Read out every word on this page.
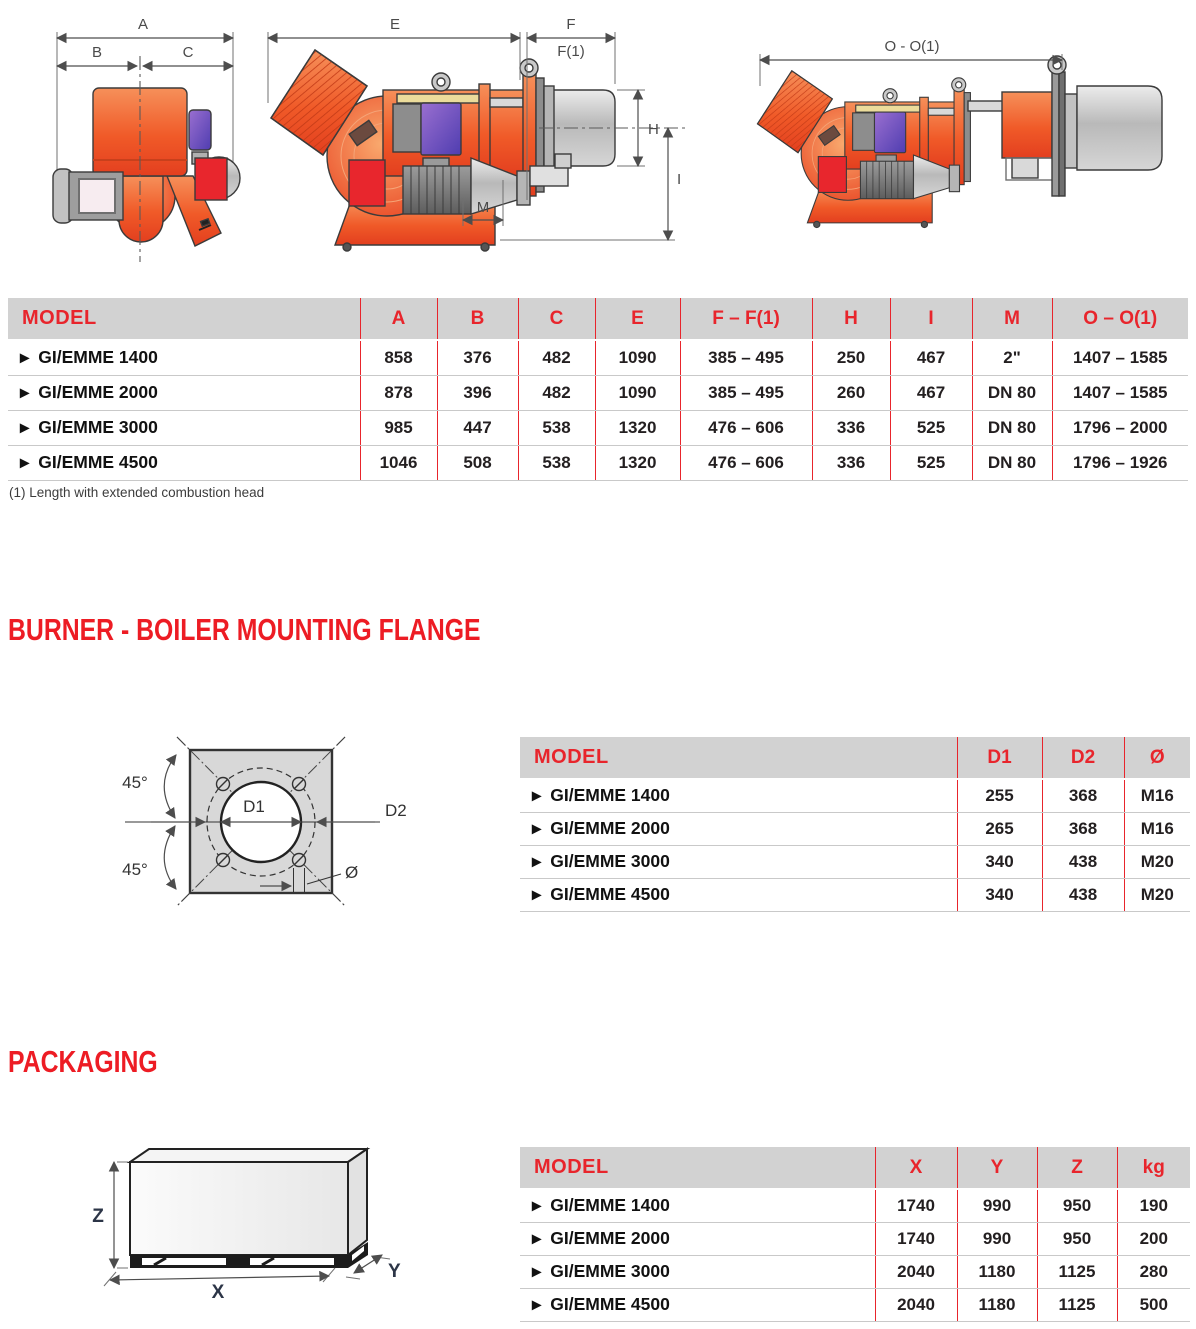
A
B	C
E	F
F(1)
H
I
M
O - O(1)
MODEL	A	B	C	E	F – F(1)	H	I	M	O – O(1)
▶ GI/EMME 1400	858	376	482	1090	385 – 495	250	467	2"	1407 – 1585
▶ GI/EMME 2000	878	396	482	1090	385 – 495	260	467	DN 80	1407 – 1585
▶ GI/EMME 3000	985	447	538	1320	476 – 606	336	525	DN 80	1796 – 2000
▶ GI/EMME 4500	1046	508	538	1320	476 – 606	336	525	DN 80	1796 – 1926
(1) Length with extended combustion head
BURNER - BOILER MOUNTING FLANGE
D1	D2
45°
45°	Ø
MODEL	D1	D2	Ø
▶ GI/EMME 1400	255	368	M16
▶ GI/EMME 2000	265	368	M16
▶ GI/EMME 3000	340	438	M20
▶ GI/EMME 4500	340	438	M20
PACKAGING
Z
X
Y
MODEL	X	Y	Z	kg
▶ GI/EMME 1400	1740	990	950	190
▶ GI/EMME 2000	1740	990	950	200
▶ GI/EMME 3000	2040	1180	1125	280
▶ GI/EMME 4500	2040	1180	1125	500
